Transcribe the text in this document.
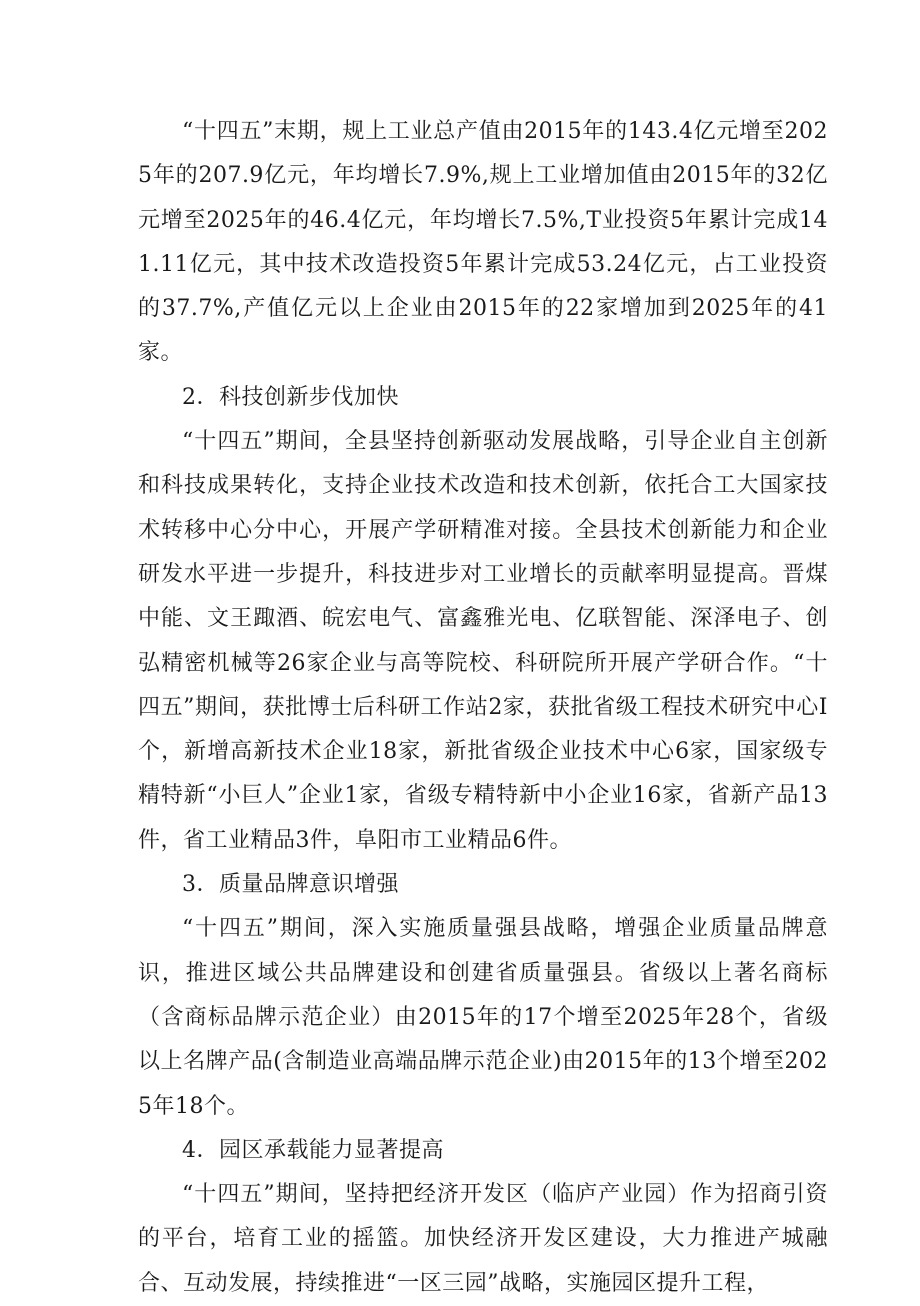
“十四五”末期，规上工业总产值由2015年的143.4亿元增至2025年的207.9亿元，年均增长7.9%,规上工业增加值由2015年的32亿元增至2025年的46.4亿元，年均增长7.5%,T业投资5年累计完成141.11亿元，其中技术改造投资5年累计完成53.24亿元，占工业投资的37.7%,产值亿元以上企业由2015年的22家增加到2025年的41家。

2．科技创新步伐加快

“十四五”期间，全县坚持创新驱动发展战略，引导企业自主创新和科技成果转化，支持企业技术改造和技术创新，依托合工大国家技术转移中心分中心，开展产学研精准对接。全县技术创新能力和企业研发水平进一步提升，科技进步对工业增长的贡献率明显提高。晋煤中能、文王踙酒、皖宏电气、富鑫雅光电、亿联智能、深泽电子、创弘精密机械等26家企业与高等院校、科研院所开展产学研合作。“十四五”期间，获批博士后科研工作站2家，获批省级工程技术研究中心I个，新增高新技术企业18家，新批省级企业技术中心6家，国家级专精特新“小巨人”企业1家，省级专精特新中小企业16家，省新产品13件，省工业精品3件，阜阳市工业精品6件。

3．质量品牌意识增强

“十四五”期间，深入实施质量强县战略，增强企业质量品牌意识，推进区域公共品牌建设和创建省质量强县。省级以上著名商标（含商标品牌示范企业）由2015年的17个增至2025年28个，省级以上名牌产品(含制造业高端品牌示范企业)由2015年的13个增至2025年18个。

4．园区承载能力显著提高

“十四五”期间，坚持把经济开发区（临庐产业园）作为招商引资的平台，培育工业的摇篮。加快经济开发区建设，大力推进产城融合、互动发展，持续推进“一区三园”战略，实施园区提升工程，
